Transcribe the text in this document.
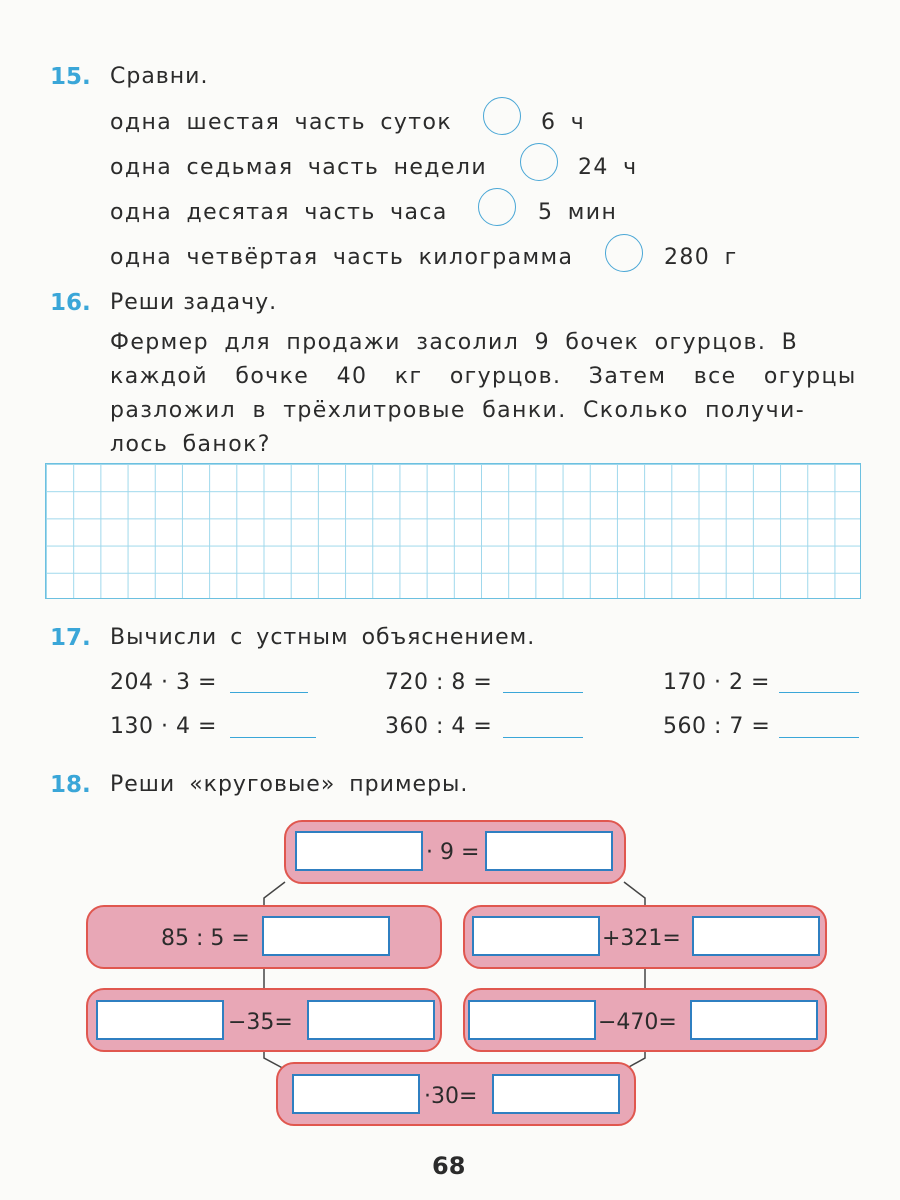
15. Сравни.
одна шестая часть суток	6 ч
одна седьмая часть недели	24 ч
одна десятая часть часа	5 мин
одна четвёртая часть килограмма	280 г
16. Реши задачу.
Фермер для продажи засолил 9 бочек огурцов. В
каждой бочке 40 кг огурцов. Затем все огурцы
разложил в трёхлитровые банки. Сколько получи-
лось банок?
17. Вычисли с устным объяснением.
204 · 3 =	720 : 8 =	170 · 2 =
130 · 4 =	360 : 4 =	560 : 7 =
18. Реши «круговые» примеры.
· 9 =
85 : 5 =	+321=
−35=	−470=
·30=
68
